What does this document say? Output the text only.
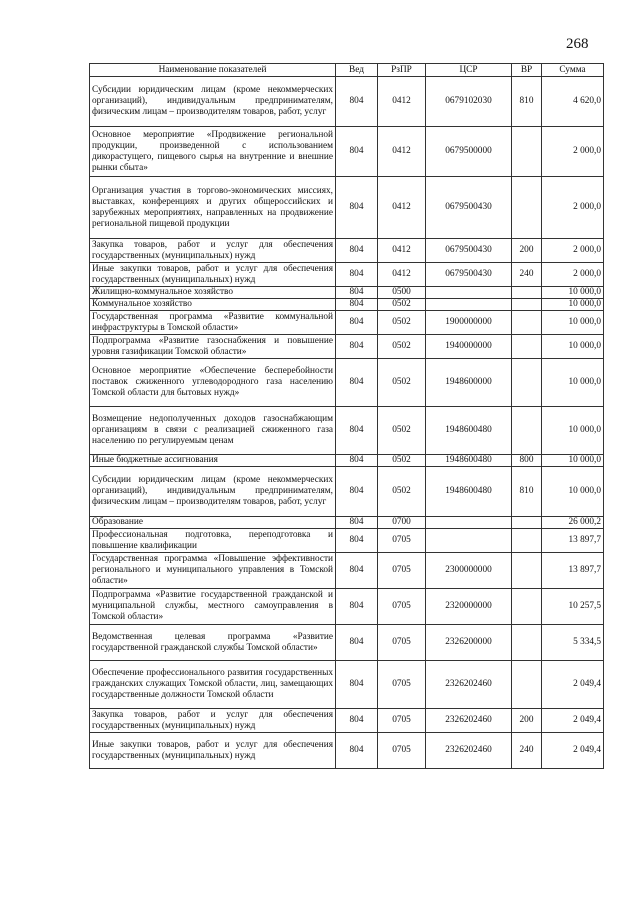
268
Наименование показателей	Вед	РзПР	ЦСР	ВР	Сумма
Субсидии юридическим лицам (кроме некоммерческих организаций), индивидуальным предпринимателям, физическим лицам – производителям товаров, работ, услуг	804	0412	0679102030	810	4 620,0
Основное мероприятие «Продвижение региональной продукции, произведенной с использованием дикорастущего, пищевого сырья на внутренние и внешние рынки сбыта»	804	0412	0679500000		2 000,0
Организация участия в торгово-экономических миссиях, выставках, конференциях и других общероссийских и зарубежных мероприятиях, направленных на продвижение региональной пищевой продукции	804	0412	0679500430		2 000,0
Закупка товаров, работ и услуг для обеспечения государственных (муниципальных) нужд	804	0412	0679500430	200	2 000,0
Иные закупки товаров, работ и услуг для обеспечения государственных (муниципальных) нужд	804	0412	0679500430	240	2 000,0
Жилищно-коммунальное хозяйство	804	0500			10 000,0
Коммунальное хозяйство	804	0502			10 000,0
Государственная программа «Развитие коммунальной инфраструктуры в Томской области»	804	0502	1900000000		10 000,0
Подпрограмма «Развитие газоснабжения и повышение уровня газификации Томской области»	804	0502	1940000000		10 000,0
Основное мероприятие «Обеспечение бесперебойности поставок сжиженного углеводородного газа населению Томской области для бытовых нужд»	804	0502	1948600000		10 000,0
Возмещение недополученных доходов газоснабжающим организациям в связи с реализацией сжиженного газа населению по регулируемым ценам	804	0502	1948600480		10 000,0
Иные бюджетные ассигнования	804	0502	1948600480	800	10 000,0
Субсидии юридическим лицам (кроме некоммерческих организаций), индивидуальным предпринимателям, физическим лицам – производителям товаров, работ, услуг	804	0502	1948600480	810	10 000,0
Образование	804	0700			26 000,2
Профессиональная подготовка, переподготовка и повышение квалификации	804	0705			13 897,7
Государственная программа «Повышение эффективности регионального и муниципального управления в Томской области»	804	0705	2300000000		13 897,7
Подпрограмма «Развитие государственной гражданской и муниципальной службы, местного самоуправления в Томской области»	804	0705	2320000000		10 257,5
Ведомственная целевая программа «Развитие государственной гражданской службы Томской области»	804	0705	2326200000		5 334,5
Обеспечение профессионального развития государственных гражданских служащих Томской области, лиц, замещающих государственные должности Томской области	804	0705	2326202460		2 049,4
Закупка товаров, работ и услуг для обеспечения государственных (муниципальных) нужд	804	0705	2326202460	200	2 049,4
Иные закупки товаров, работ и услуг для обеспечения государственных (муниципальных) нужд	804	0705	2326202460	240	2 049,4
